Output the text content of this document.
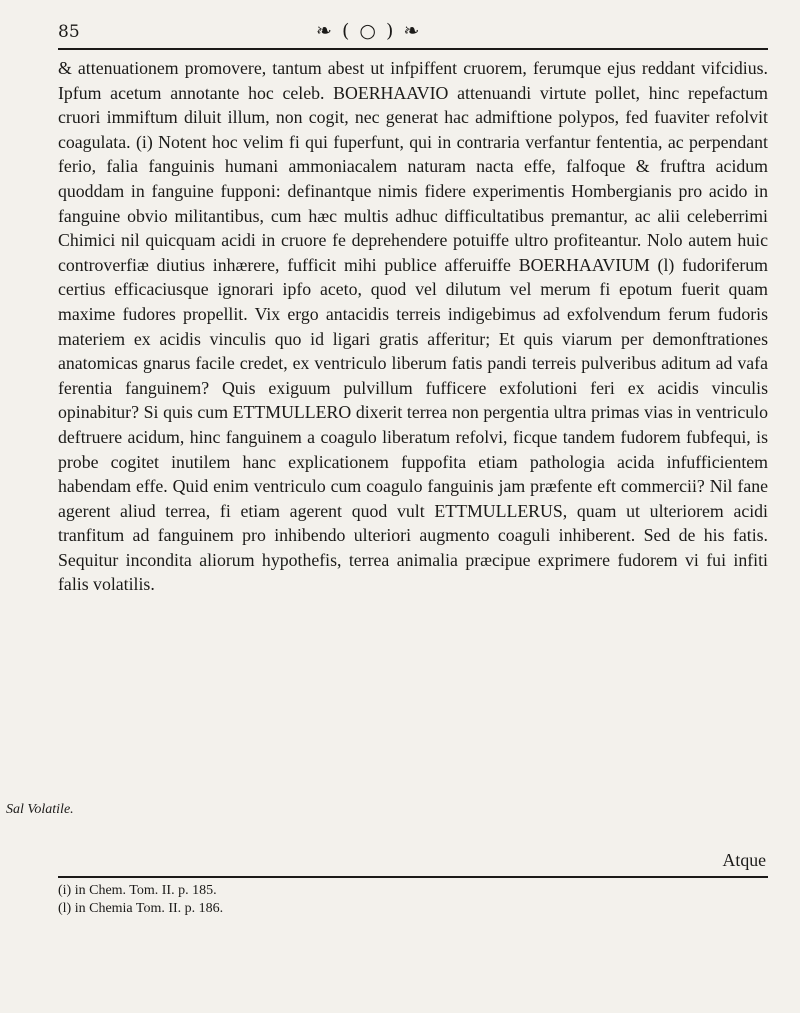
85	❧ ( ○ ) ❧

& attenuationem promovere, tantum abest ut infpiffent cruorem, ferumque ejus reddant vifcidius. Ipfum acetum annotante hoc celeb. BOERHAAVIO attenuandi virtute pollet, hinc repefactum cruori immiftum diluit illum, non cogit, nec generat hac admiftione polypos, fed fuaviter refolvit coagulata. (i) Notent hoc velim fi qui fuperfunt, qui in contraria verfantur fententia, ac perpendant ferio, falia fanguinis humani ammoniacalem naturam nacta effe, falfoque & fruftra acidum quoddam in fanguine fupponi: definantque nimis fidere experimentis Hombergianis pro acido in fanguine obvio militantibus, cum hæc multis adhuc difficultatibus premantur, ac alii celeberrimi Chimici nil quicquam acidi in cruore fe deprehendere potuiffe ultro profiteantur. Nolo autem huic controverfiæ diutius inhærere, fufficit mihi publice afferuiffe BOERHAAVIUM (l) fudoriferum certius efficaciusque ignorari ipfo aceto, quod vel dilutum vel merum fi epotum fuerit quam maxime fudores propellit. Vix ergo antacidis terreis indigebimus ad exfolvendum ferum fudoris materiem ex acidis vinculis quo id ligari gratis afferitur; Et quis viarum per demonftrationes anatomicas gnarus facile credet, ex ventriculo liberum fatis pandi terreis pulveribus aditum ad vafa ferentia fanguinem? Quis exiguum pulvillum fufficere exfolutioni feri ex acidis vinculis opinabitur? Si quis cum ETTMULLERO dixerit terrea non pergentia ultra primas vias in ventriculo deftruere acidum, hinc fanguinem a coagulo liberatum refolvi, ficque tandem fudorem fubfequi, is probe cogitet inutilem hanc explicationem fuppofita etiam pathologia acida infufficientem habendam effe. Quid enim ventriculo cum coagulo fanguinis jam præfente eft commercii? Nil fane agerent aliud terrea, fi etiam agerent quod vult ETTMULLERUS, quam ut ulteriorem acidi tranfitum ad fanguinem pro inhibendo ulteriori augmento coaguli inhiberent. Sed de his fatis. Sequitur incondita aliorum hypothefis, terrea animalia præcipue exprimere fudorem vi fui infiti falis volatilis.

Sal Volatile.
Atque
(i) in Chem. Tom. II. p. 185.
(l) in Chemia Tom. II. p. 186.
